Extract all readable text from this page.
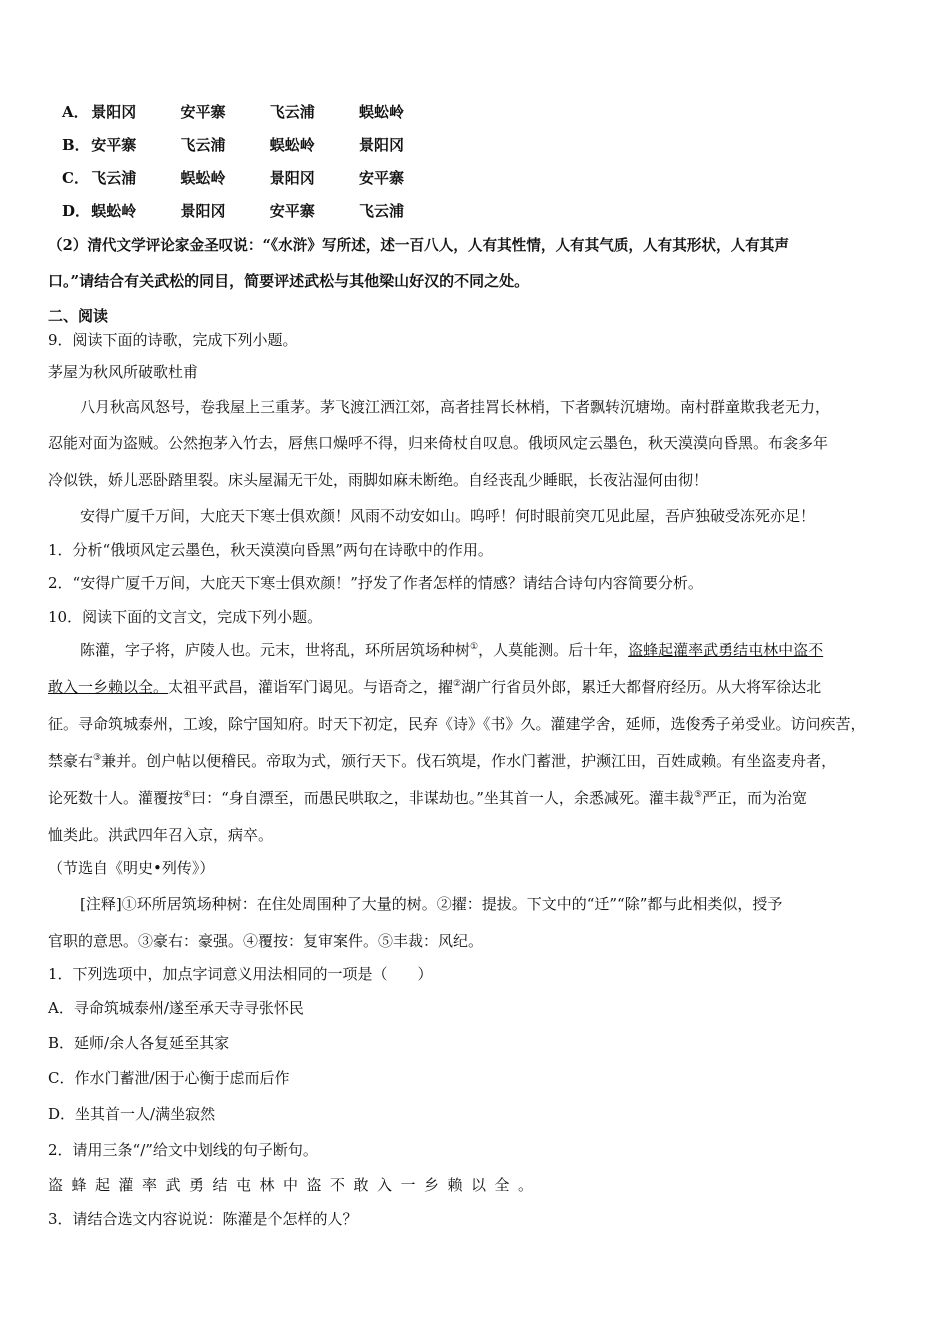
A． 景阳冈	安平寨	飞云浦	蜈蚣岭
B． 安平寨	飞云浦	蜈蚣岭	景阳冈
C． 飞云浦	蜈蚣岭	景阳冈	安平寨
D． 蜈蚣岭	景阳冈	安平寨	飞云浦
（2）清代文学评论家金圣叹说：“《水浒》写所述，述一百八人，人有其性情，人有其气质，人有其形状，人有其声
口。”请结合有关武松的同目，简要评述武松与其他梁山好汉的不同之处。
二、阅读
9．阅读下面的诗歌，完成下列小题。
茅屋为秋风所破歌杜甫
八月秋高风怒号，卷我屋上三重茅。茅飞渡江洒江郊，高者挂罥长林梢，下者飘转沉塘坳。南村群童欺我老无力，
忍能对面为盗贼。公然抱茅入竹去，唇焦口燥呼不得，归来倚杖自叹息。俄顷风定云墨色，秋天漠漠向昏黑。布衾多年
冷似铁，娇儿恶卧踏里裂。床头屋漏无干处，雨脚如麻未断绝。自经丧乱少睡眠，长夜沾湿何由彻！
安得广厦千万间，大庇天下寒士俱欢颜！风雨不动安如山。呜呼！何时眼前突兀见此屋，吾庐独破受冻死亦足！
1．分析“俄顷风定云墨色，秋天漠漠向昏黑”两句在诗歌中的作用。
2．“安得广厦千万间，大庇天下寒士俱欢颜！”抒发了作者怎样的情感？请结合诗句内容简要分析。
10．阅读下面的文言文，完成下列小题。
陈灌，字子将，庐陵人也。元末，世将乱，环所居筑场种树①，人莫能测。后十年，盗蜂起灌率武勇结屯林中盗不
敢入一乡赖以全。太祖平武昌，灌诣军门谒见。与语奇之，擢②湖广行省员外郎，累迁大都督府经历。从大将军徐达北
征。寻命筑城泰州，工竣，除宁国知府。时天下初定，民弃《诗》《书》久。灌建学舍，延师，选俊秀子弟受业。访问疾苦，
禁豪右③兼并。创户帖以便稽民。帝取为式，颁行天下。伐石筑堤，作水门蓄泄，护濒江田，百姓咸赖。有坐盗麦舟者，
论死数十人。灌覆按④曰：“身自漂至，而愚民哄取之，非谋劫也。”坐其首一人，余悉减死。灌丰裁⑤严正，而为治宽
恤类此。洪武四年召入京，病卒。
（节选自《明史•列传》）
[注释]①环所居筑场种树：在住处周围种了大量的树。②擢：提拔。下文中的“迁”“除”都与此相类似，授予
官职的意思。③豪右：豪强。④覆按：复审案件。⑤丰裁：风纪。
1．下列选项中，加点字词意义用法相同的一项是（　　）
A．寻命筑城泰州/遂至承天寺寻张怀民
B．延师/余人各复延至其家
C．作水门蓄泄/困于心衡于虑而后作
D．坐其首一人/满坐寂然
2．请用三条“/”给文中划线的句子断句。
盗蜂起灌率武勇结屯林中盗不敢入一乡赖以全。
3．请结合选文内容说说：陈灌是个怎样的人？
